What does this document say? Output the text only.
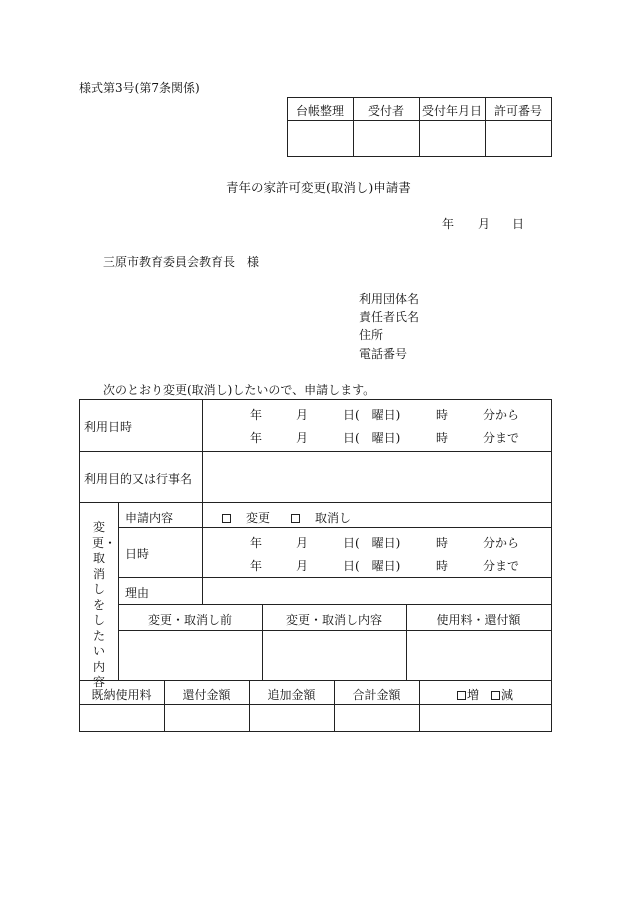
様式第3号(第7条関係)
台帳整理	受付者	受付年月日 許可番号
青年の家許可変更(取消し)申請書
年 月 日
三原市教育委員会教育長　様
利用団体名
責任者氏名
住所
電話番号
次のとおり変更(取消し)したいので、申請します。
利用日時
年	月	日(　曜日)	時	分から
年	月	日(　曜日)	時	分まで
利用目的又は行事名
変更・取消しをしたい内容
申請内容
 	変更
 	取消し
日時
年	月	日(　曜日)	時	分から
年	月	日(　曜日)	時	分まで
理由
変更・取消し前	変更・取消し内容	使用料・還付額
既納使用料	還付金額	追加金額	合計金額	増   減
